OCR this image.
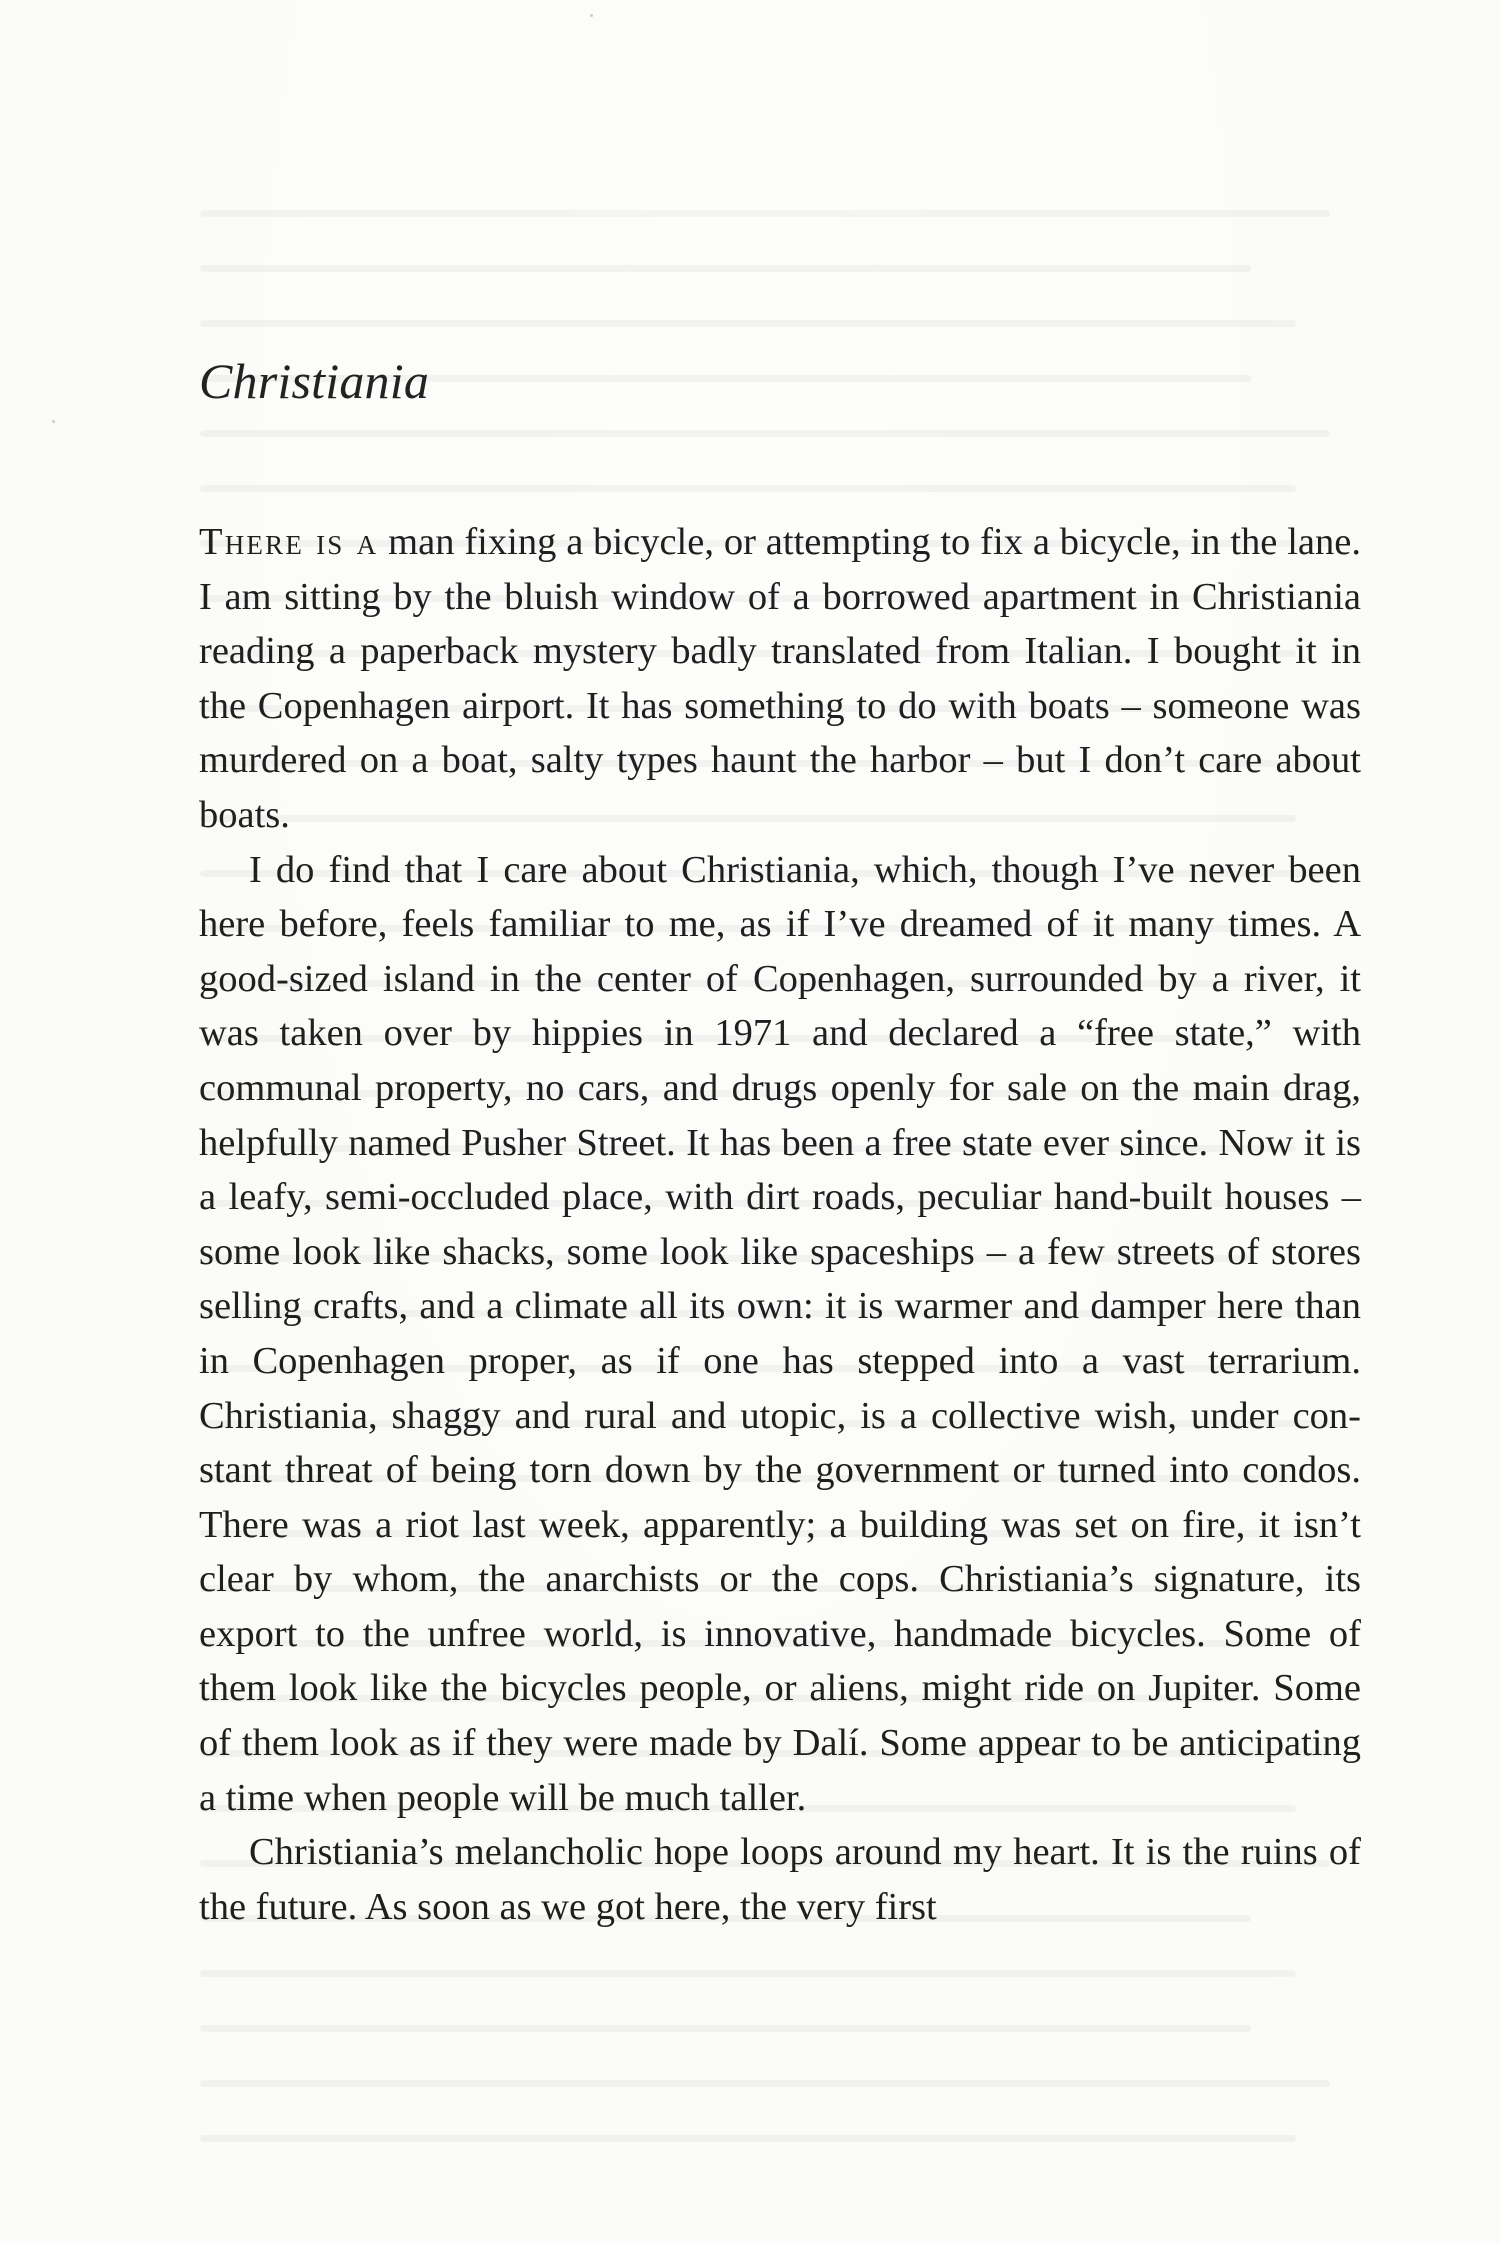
Christiania

There is a man fixing a bicycle, or attempting to fix a bicycle, in the lane. I am sitting by the bluish window of a borrowed apartment in Christiania reading a paperback mystery badly translated from Italian. I bought it in the Copenhagen airport. It has something to do with boats – someone was murdered on a boat, salty types haunt the harbor – but I don’t care about boats.

I do find that I care about Christiania, which, though I’ve never been here before, feels familiar to me, as if I’ve dreamed of it many times. A good-sized island in the center of Copenhagen, surrounded by a river, it was taken over by hippies in 1971 and declared a “free state,” with communal property, no cars, and drugs openly for sale on the main drag, helpfully named Pusher Street. It has been a free state ever since. Now it is a leafy, semi-occluded place, with dirt roads, peculiar hand-built houses – some look like shacks, some look like spaceships – a few streets of stores selling crafts, and a climate all its own: it is warmer and damper here than in Copenhagen proper, as if one has stepped into a vast terrarium. Christiania, shaggy and rural and utopic, is a collective wish, under constant threat of being torn down by the government or turned into condos. There was a riot last week, apparently; a building was set on fire, it isn’t clear by whom, the anarchists or the cops. Christiania’s signature, its export to the unfree world, is innovative, handmade bicycles. Some of them look like the bicycles people, or aliens, might ride on Jupiter. Some of them look as if they were made by Dalí. Some appear to be anticipating a time when people will be much taller.

Christiania’s melancholic hope loops around my heart. It is the ruins of the future. As soon as we got here, the very first
